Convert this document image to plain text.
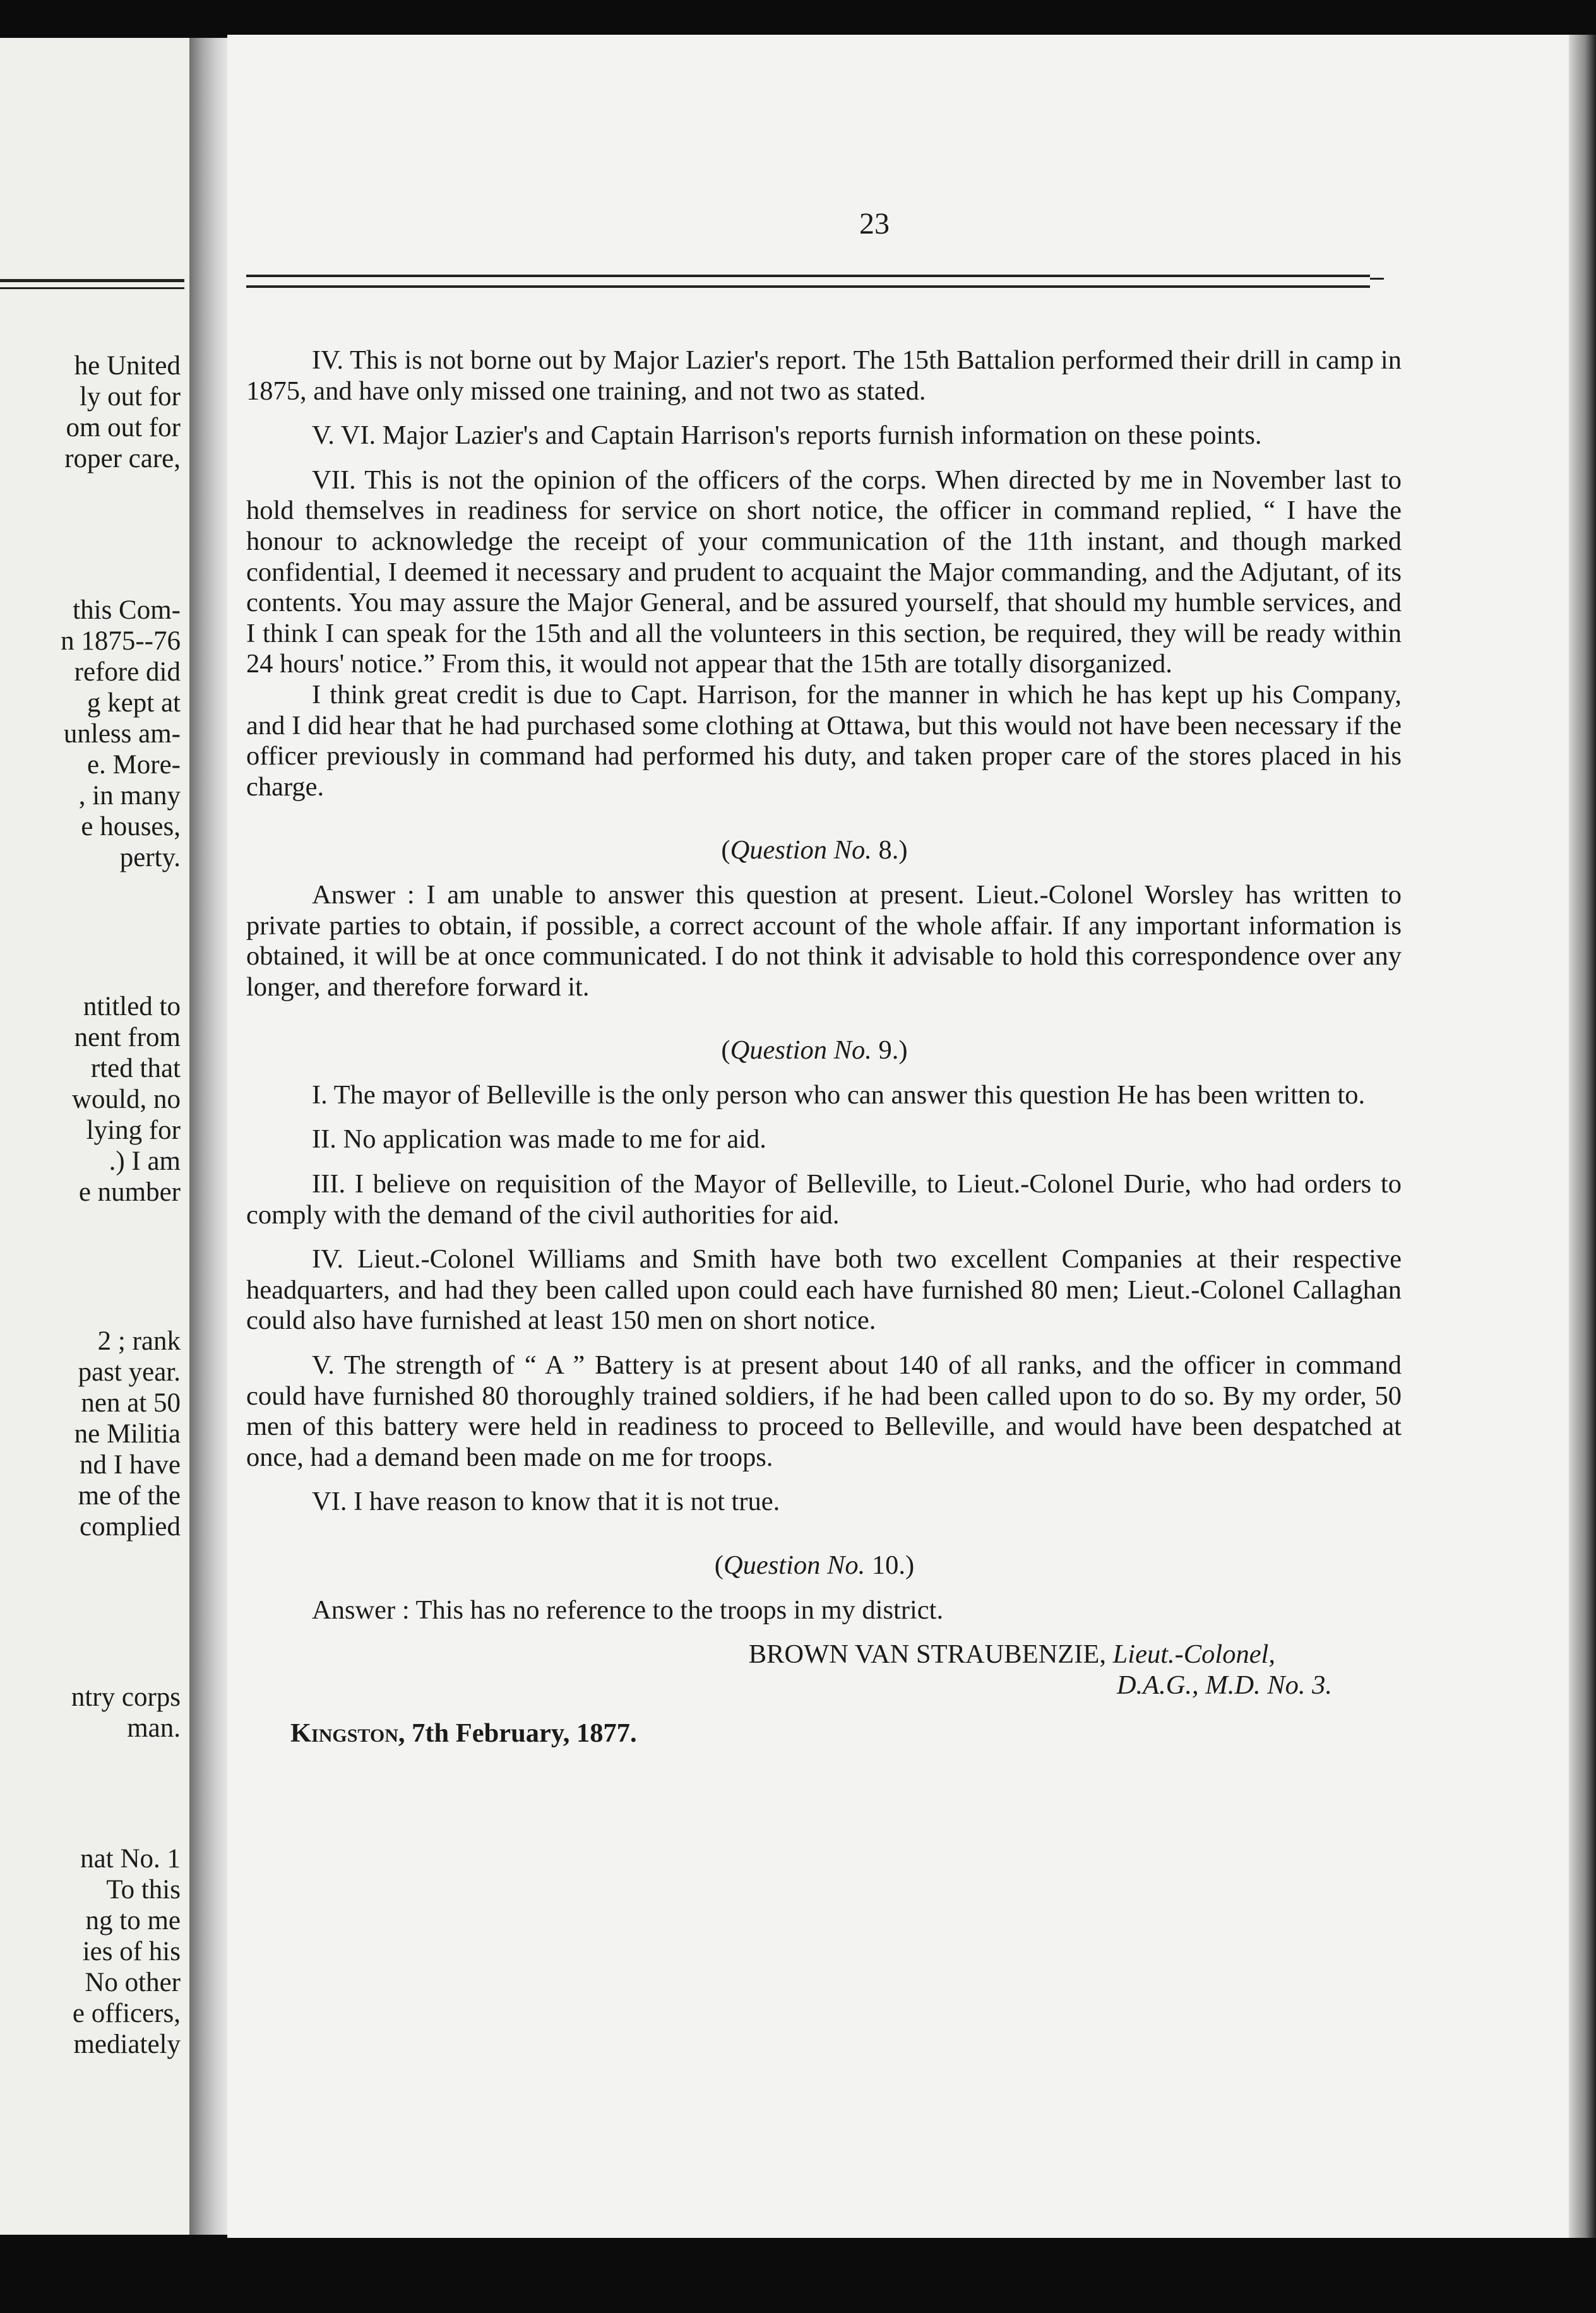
he United
ly out for
om out for
roper care,
this Com-
n 1875--76
refore did
g kept at
unless am-
e. More-
, in many
e houses,
perty.
ntitled to
nent from
rted that
would, no
lying for
.) I am
e number
2 ; rank
past year.
nen at 50
ne Militia
nd I have
me of the
complied
ntry corps
man.
nat No. 1
To this
ng to me
ies of his
No other
e officers,
mediately
23

IV. This is not borne out by Major Lazier's report. The 15th Battalion performed their drill in camp in 1875, and have only missed one training, and not two as stated.

V. VI. Major Lazier's and Captain Harrison's reports furnish information on these points.

VII. This is not the opinion of the officers of the corps. When directed by me in November last to hold themselves in readiness for service on short notice, the officer in command replied, “ I have the honour to acknowledge the receipt of your communication of the 11th instant, and though marked confidential, I deemed it necessary and prudent to acquaint the Major commanding, and the Adjutant, of its contents. You may assure the Major General, and be assured yourself, that should my humble services, and I think I can speak for the 15th and all the volunteers in this section, be required, they will be ready within 24 hours' notice.” From this, it would not appear that the 15th are totally disorganized.

I think great credit is due to Capt. Harrison, for the manner in which he has kept up his Company, and I did hear that he had purchased some clothing at Ottawa, but this would not have been necessary if the officer previously in command had performed his duty, and taken proper care of the stores placed in his charge.

(Question No. 8.)

Answer : I am unable to answer this question at present. Lieut.-Colonel Worsley has written to private parties to obtain, if possible, a correct account of the whole affair. If any important information is obtained, it will be at once communicated. I do not think it advisable to hold this correspondence over any longer, and therefore forward it.

(Question No. 9.)

I. The mayor of Belleville is the only person who can answer this question He has been written to.

II. No application was made to me for aid.

III. I believe on requisition of the Mayor of Belleville, to Lieut.-Colonel Durie, who had orders to comply with the demand of the civil authorities for aid.

IV. Lieut.-Colonel Williams and Smith have both two excellent Companies at their respective headquarters, and had they been called upon could each have furnished 80 men; Lieut.-Colonel Callaghan could also have furnished at least 150 men on short notice.

V. The strength of “ A ” Battery is at present about 140 of all ranks, and the officer in command could have furnished 80 thoroughly trained soldiers, if he had been called upon to do so. By my order, 50 men of this battery were held in readiness to proceed to Belleville, and would have been despatched at once, had a demand been made on me for troops.

VI. I have reason to know that it is not true.

(Question No. 10.)

Answer : This has no reference to the troops in my district.

BROWN VAN STRAUBENZIE, Lieut.-Colonel,

D.A.G., M.D. No. 3.

Kingston, 7th February, 1877.
